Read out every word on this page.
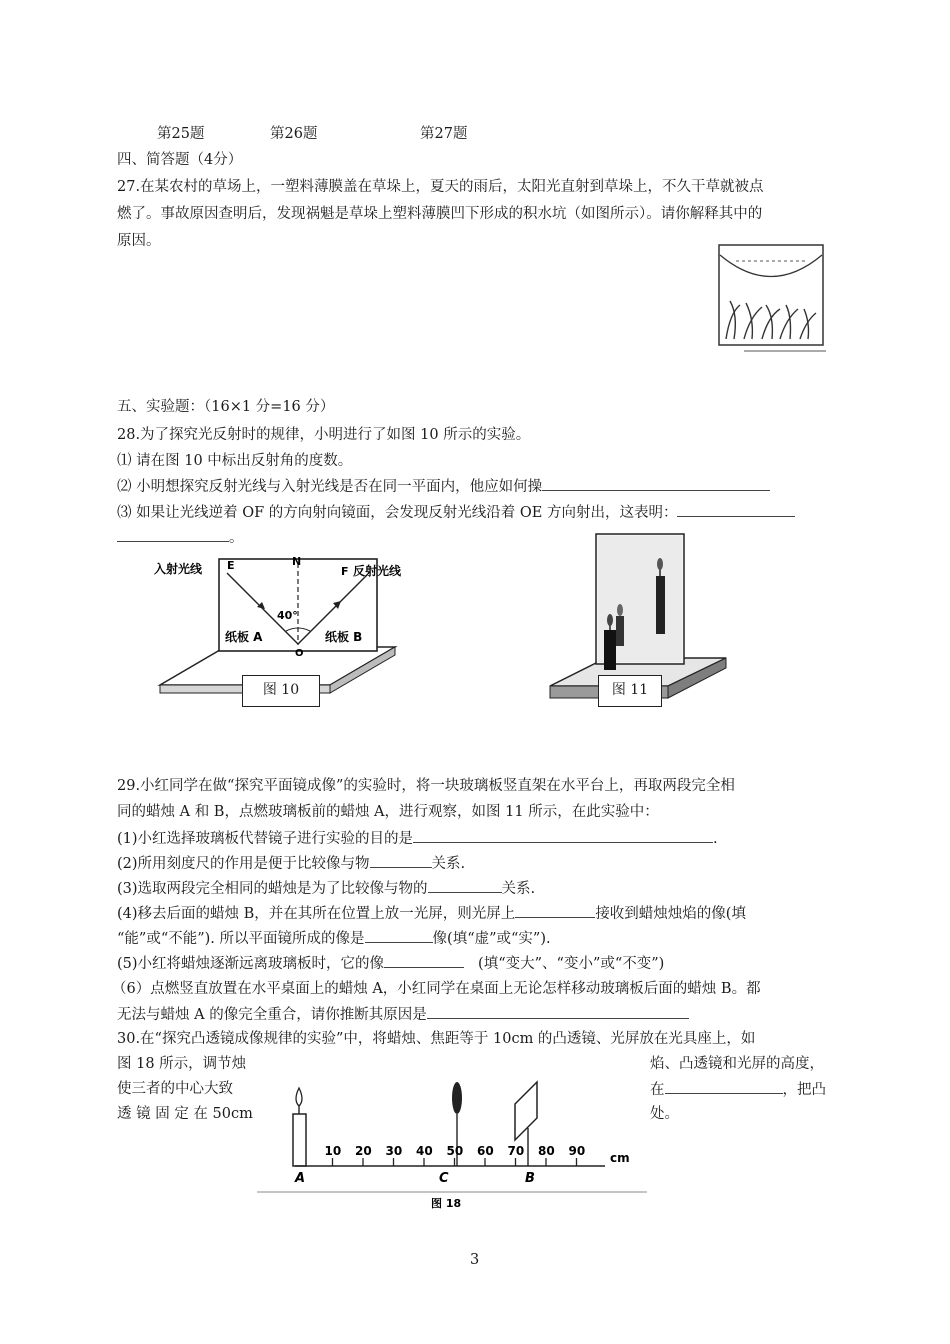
第25题	第26题	第27题
四、简答题（4分）
27.在某农村的草场上，一塑料薄膜盖在草垛上，夏天的雨后，太阳光直射到草垛上，不久干草就被点
燃了。事故原因查明后，发现祸魁是草垛上塑料薄膜凹下形成的积水坑（如图所示）。请你解释其中的
原因。
五、实验题：（16×1 分=16 分）
28.为了探究光反射时的规律，小明进行了如图 10 所示的实验。
⑴ 请在图 10 中标出反射角的度数。
⑵ 小明想探究反射光线与入射光线是否在同一平面内，他应如何操
⑶ 如果让光线逆着 OF 的方向射向镜面，会发现反射光线沿着 OE 方向射出，这表明：
。
入射光线 E	N
F 反射光线
40°
纸板 A	纸板 B
O
图 10	图 11
29.小红同学在做“探究平面镜成像”的实验时，将一块玻璃板竖直架在水平台上，再取两段完全相
同的蜡烛 A 和 B，点燃玻璃板前的蜡烛 A，进行观察，如图 11 所示，在此实验中：
(1)小红选择玻璃板代替镜子进行实验的目的是	.
(2)所用刻度尺的作用是便于比较像与物	关系.
(3)选取两段完全相同的蜡烛是为了比较像与物的	关系.
(4)移去后面的蜡烛 B，并在其所在位置上放一光屏，则光屏上	接收到蜡烛烛焰的像(填
“能”或“不能”). 所以平面镜所成的像是	像(填“虚”或“实”).
(5)小红将蜡烛逐渐远离玻璃板时，它的像	(填“变大”、“变小”或“不变”)
（6）点燃竖直放置在水平桌面上的蜡烛 A，小红同学在桌面上无论怎样移动玻璃板后面的蜡烛 B。都
无法与蜡烛 A 的像完全重合，请你推断其原因是
30.在“探究凸透镜成像规律的实验”中，将蜡烛、焦距等于 10cm 的凸透镜、光屏放在光具座上，如
图 18 所示，调节烛	焰、凸透镜和光屏的高度，
使三者的中心大致	在	，把凸
透 镜 固 定 在 50cm	处。
10 20 30 40 50 60 70 80 90 cm
A	C	B
图 18
3
